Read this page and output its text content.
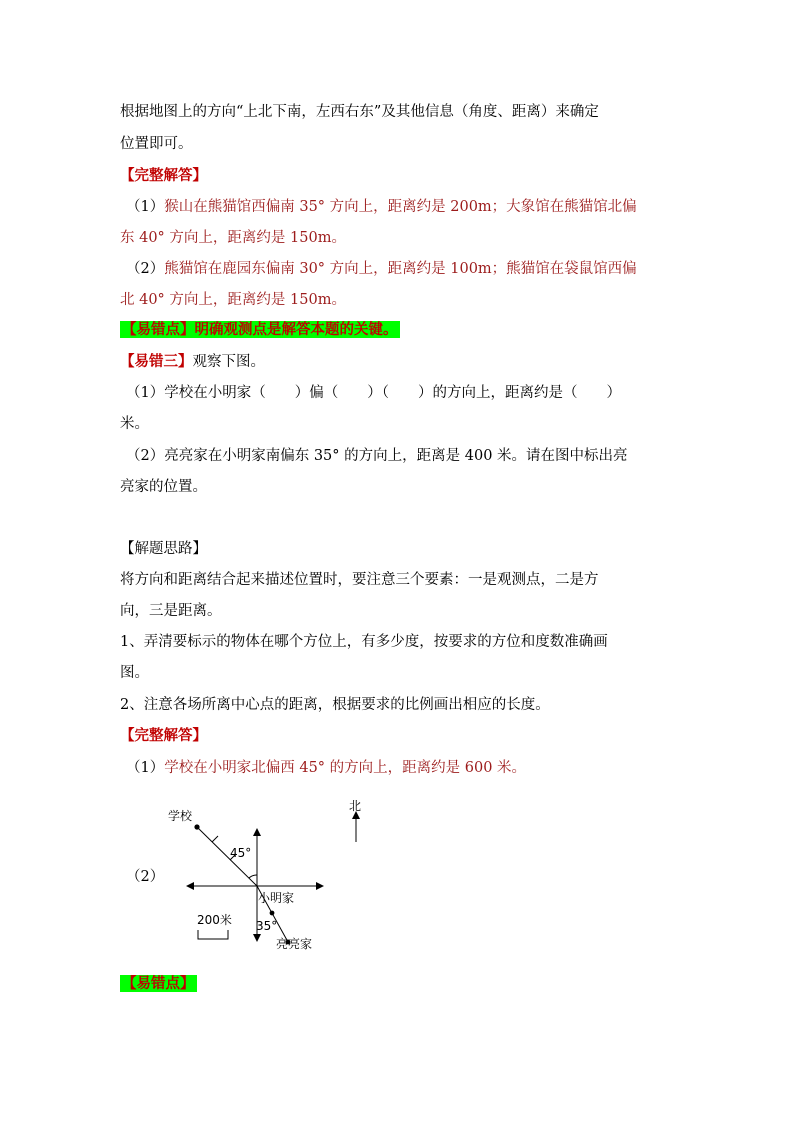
根据地图上的方向“上北下南，左西右东”及其他信息（角度、距离）来确定
位置即可。
【完整解答】
（1）猴山在熊猫馆西偏南 35° 方向上，距离约是 200m；大象馆在熊猫馆北偏
东 40° 方向上，距离约是 150m。
（2）熊猫馆在鹿园东偏南 30° 方向上，距离约是 100m；熊猫馆在袋鼠馆西偏
北 40° 方向上，距离约是 150m。
【易错点】明确观测点是解答本题的关键。
【易错三】观察下图。
（1）学校在小明家（　　）偏（　　）（　　）的方向上，距离约是（　　）
米。
（2）亮亮家在小明家南偏东 35° 的方向上，距离是 400 米。请在图中标出亮
亮家的位置。
【解题思路】
将方向和距离结合起来描述位置时，要注意三个要素：一是观测点，二是方
向，三是距离。
1、弄清要标示的物体在哪个方位上，有多少度，按要求的方位和度数准确画
图。
2、注意各场所离中心点的距离，根据要求的比例画出相应的长度。
【完整解答】
（1）学校在小明家北偏西 45° 的方向上，距离约是 600 米。
（2）
学校
北
45°
小明家
35°
200米
亮亮家
【易错点】
